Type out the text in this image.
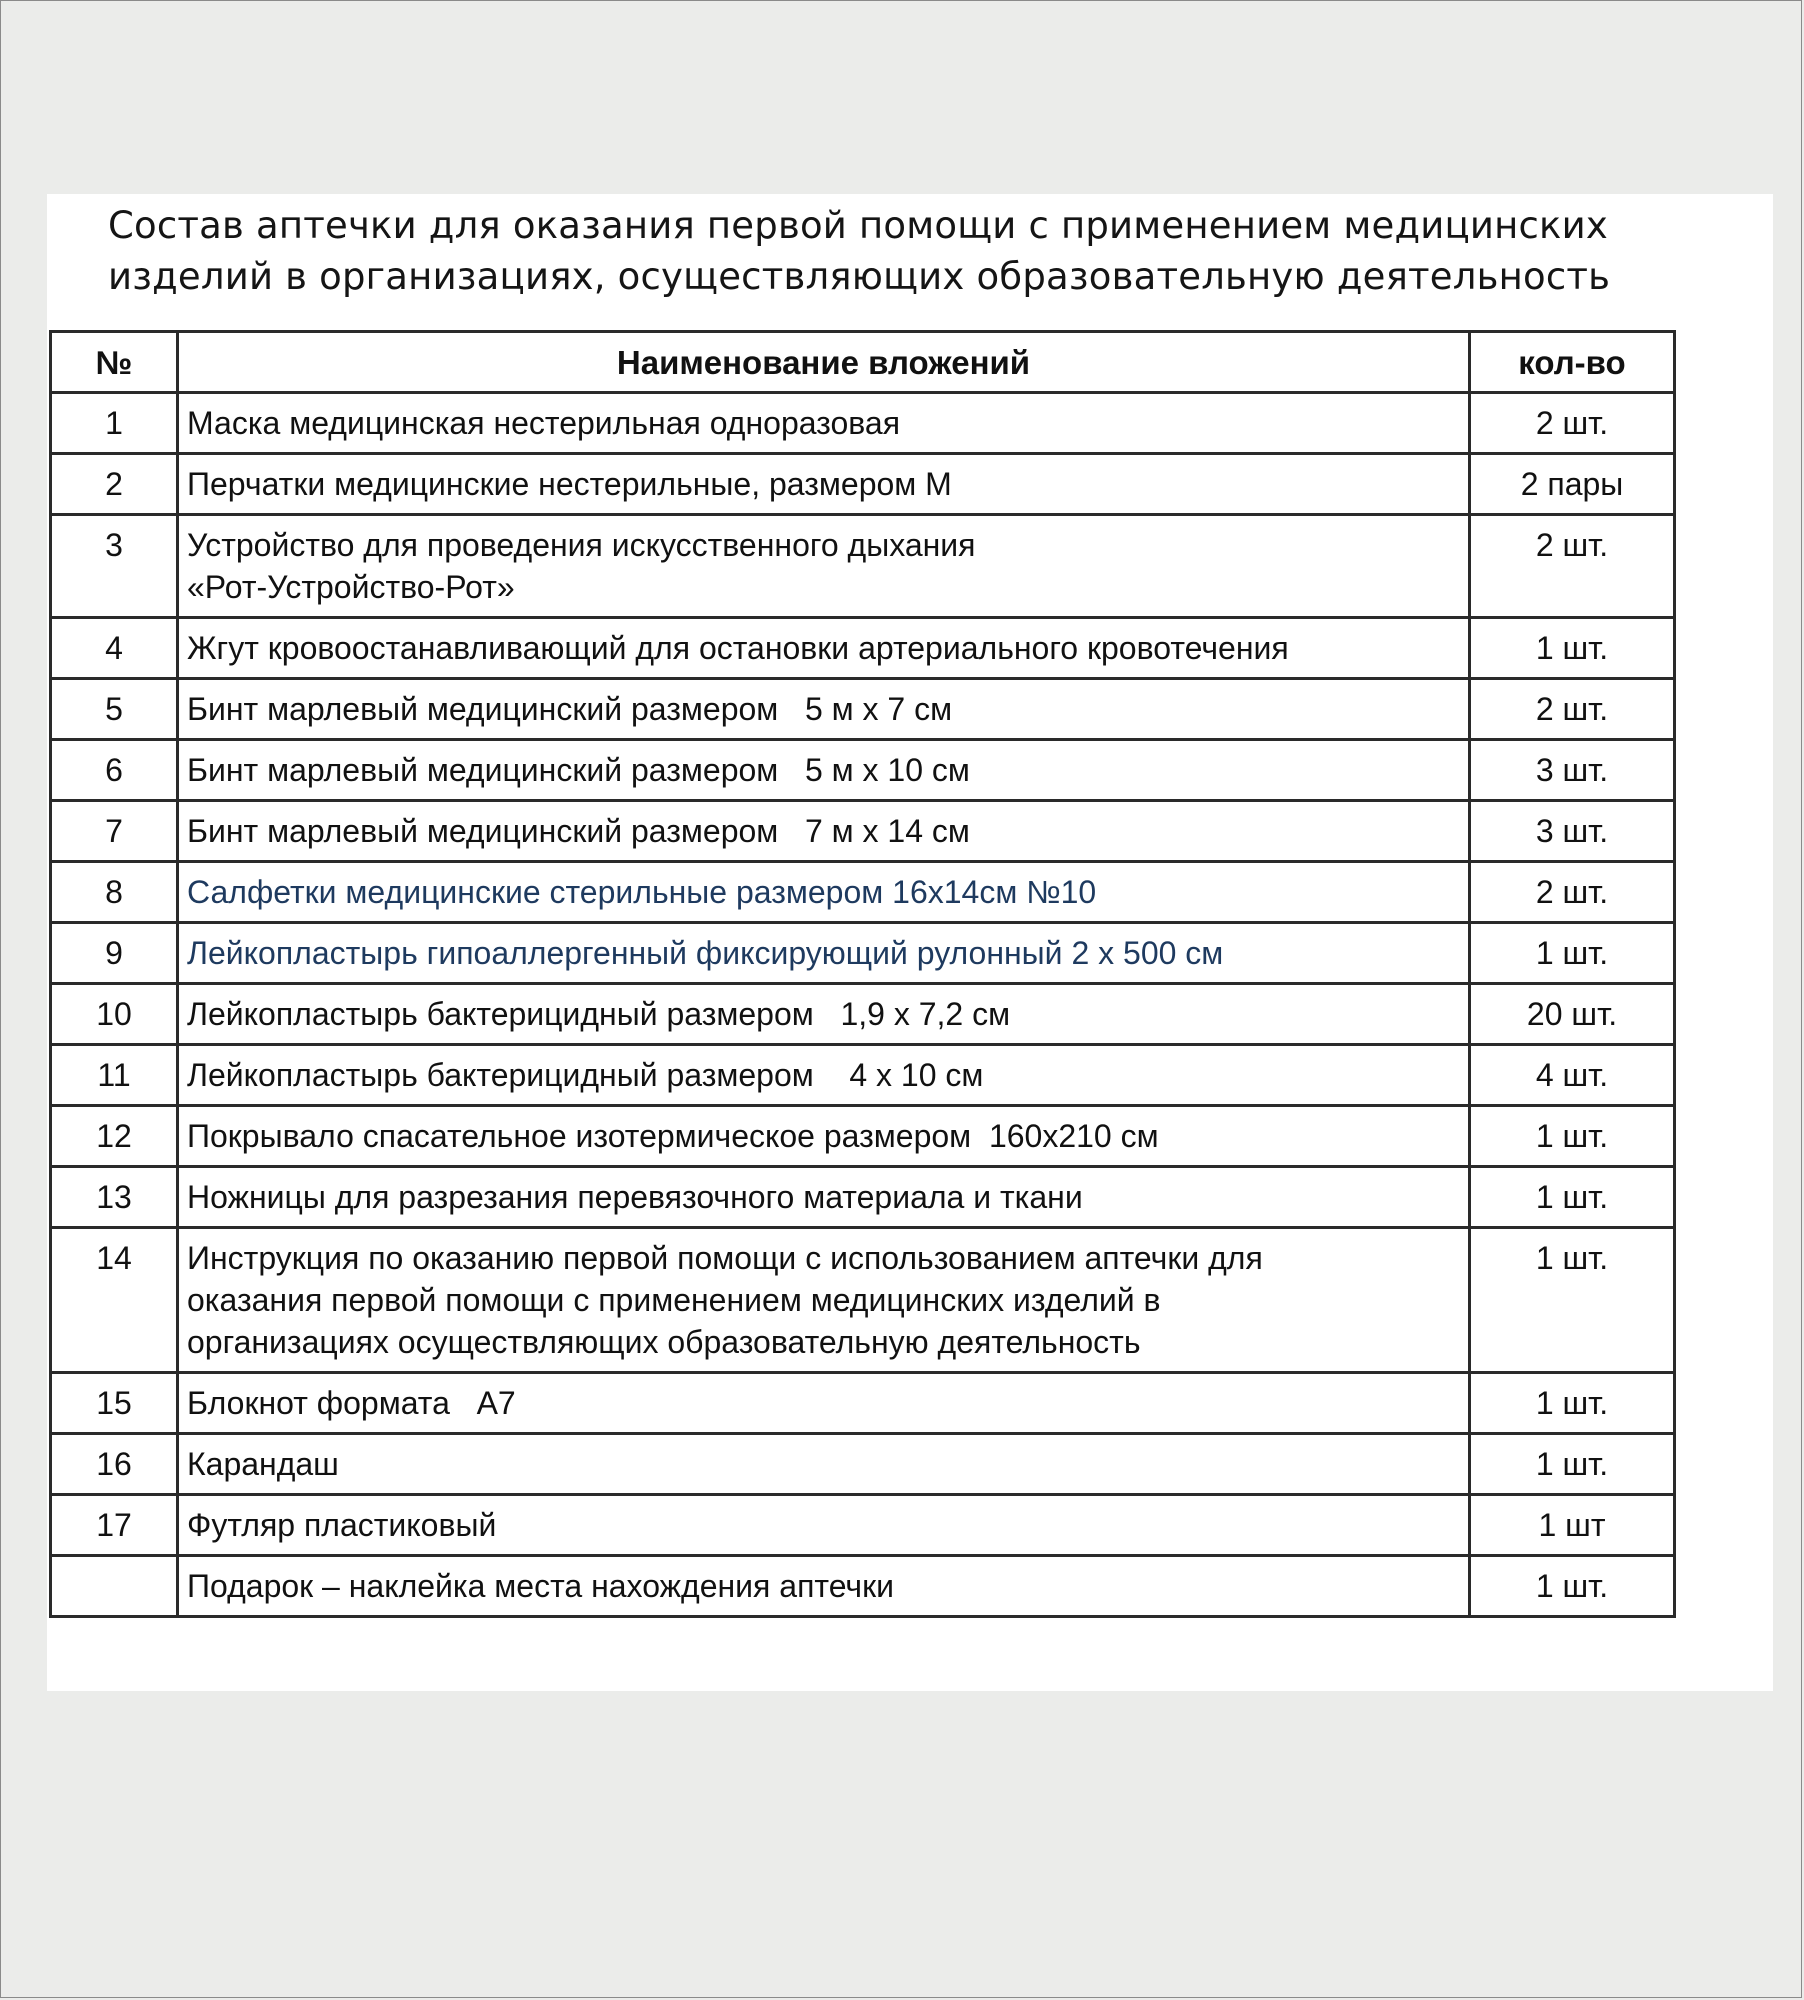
Состав аптечки для оказания первой помощи с применением медицинских
изделий в организациях, осуществляющих образовательную деятельность
№	Наименование вложений	кол-во
1	Маска медицинская нестерильная одноразовая	2 шт.
2	Перчатки медицинские нестерильные, размером М	2 пары
3	Устройство для проведения искусственного дыхания
«Рот-Устройство-Рот»	2 шт.
4	Жгут кровоостанавливающий для остановки артериального кровотечения	1 шт.
5	Бинт марлевый медицинский размером   5 м х 7 см	2 шт.
6	Бинт марлевый медицинский размером   5 м х 10 см	3 шт.
7	Бинт марлевый медицинский размером   7 м х 14 см	3 шт.
8	Салфетки медицинские стерильные размером 16х14см №10	2 шт.
9	Лейкопластырь гипоаллергенный фиксирующий рулонный 2 х 500 см	1 шт.
10	Лейкопластырь бактерицидный размером   1,9 х 7,2 см	20 шт.
11	Лейкопластырь бактерицидный размером    4 х 10 см	4 шт.
12	Покрывало спасательное изотермическое размером  160х210 см	1 шт.
13	Ножницы для разрезания перевязочного материала и ткани	1 шт.
14	Инструкция по оказанию первой помощи с использованием аптечки для
оказания первой помощи с применением медицинских изделий в
организациях осуществляющих образовательную деятельность	1 шт.
15	Блокнот формата   А7	1 шт.
16	Карандаш	1 шт.
17	Футляр пластиковый	1 шт
	Подарок – наклейка места нахождения аптечки	1 шт.
